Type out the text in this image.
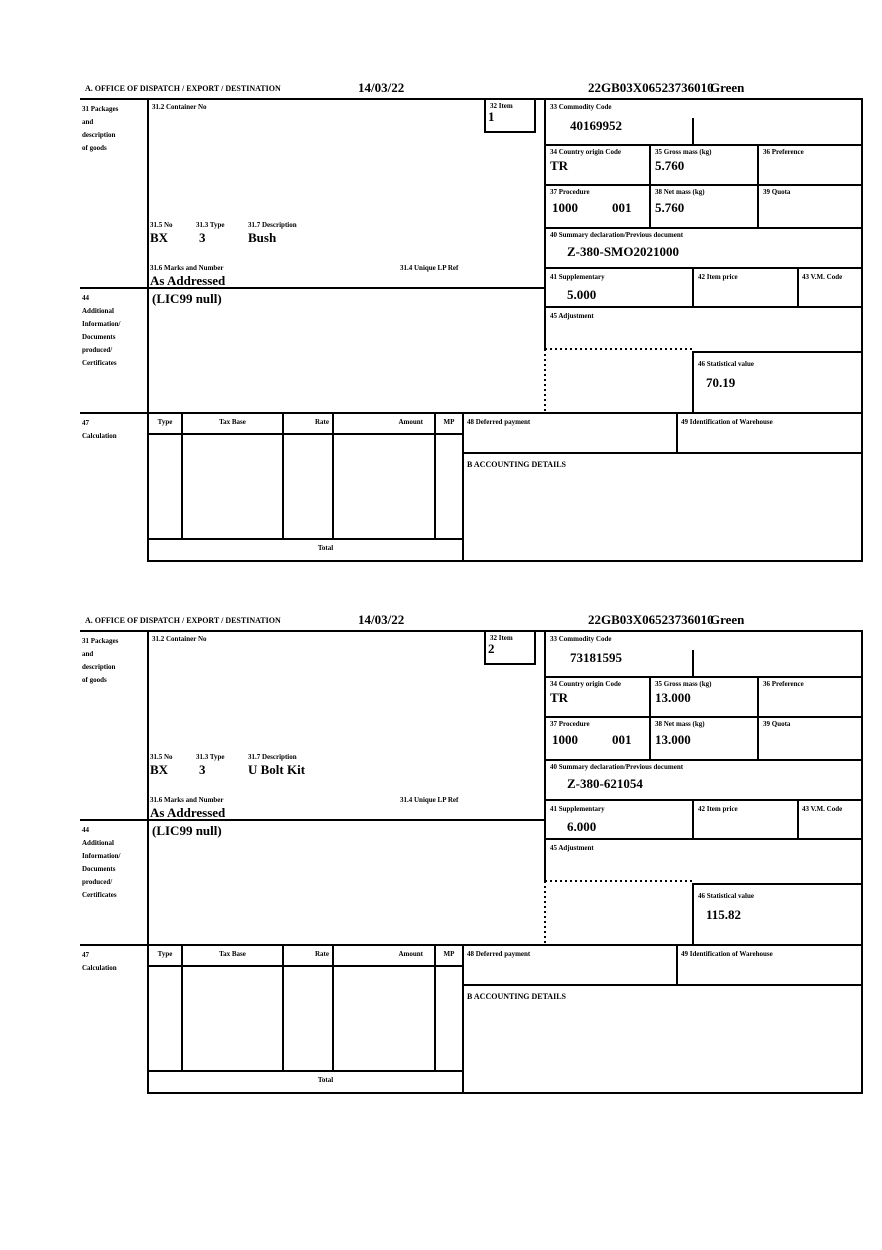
A. OFFICE OF DISPATCH / EXPORT / DESTINATION	14/03/22	22GB03X06523736010
Green
31 Packages
and
description
of goods
31.2 Container No	32 Item
1
33 Commodity Code
40169952
34 Country origin Code
TR
35 Gross mass (kg)
5.760
36 Preference
37 Procedure
1000	001
38 Net mass (kg)
5.760
39 Quota
31.5 No	31.3 Type	31.7 Description
BX 3	Bush
31.6 Marks and Number	31.4 Unique LP Ref
As Addressed
40 Summary declaration/Previous document
Z-380-SMO2021000
41 Supplementary
5.000
42 Item price	43 V.M. Code
44
Additional
Information/
Documents
produced/
Certificates
(LIC99 null)
45 Adjustment
46 Statistical value
70.19
47
Calculation
Type	Tax Base	Rate	Amount	MP	48 Deferred payment	49 Identification of Warehouse
B ACCOUNTING DETAILS
Total
A. OFFICE OF DISPATCH / EXPORT / DESTINATION	14/03/22	22GB03X06523736010
Green
31 Packages
and
description
of goods
31.2 Container No	32 Item
2
33 Commodity Code
73181595
34 Country origin Code
TR
35 Gross mass (kg)
13.000
36 Preference
37 Procedure
1000	001
38 Net mass (kg)
13.000
39 Quota
31.5 No	31.3 Type	31.7 Description
BX 3	U Bolt Kit
31.6 Marks and Number	31.4 Unique LP Ref
As Addressed
40 Summary declaration/Previous document
Z-380-621054
41 Supplementary
6.000
42 Item price	43 V.M. Code
44
Additional
Information/
Documents
produced/
Certificates
(LIC99 null)
45 Adjustment
46 Statistical value
115.82
47
Calculation
Type	Tax Base	Rate	Amount	MP	48 Deferred payment	49 Identification of Warehouse
B ACCOUNTING DETAILS
Total
